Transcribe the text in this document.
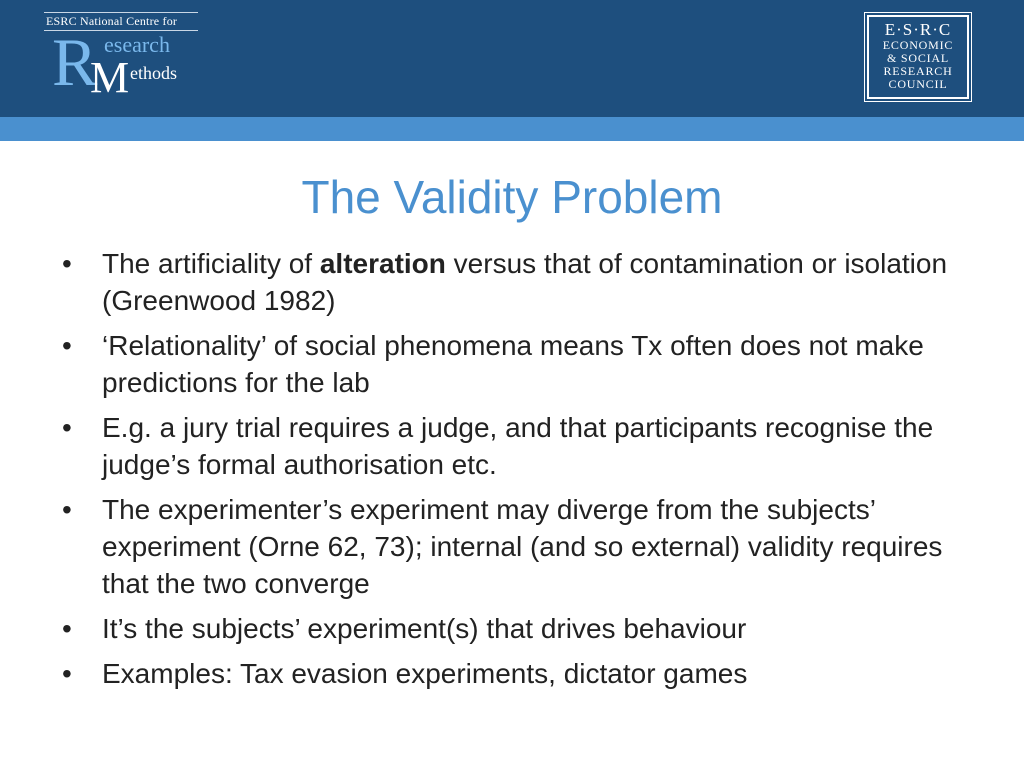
ESRC National Centre for
R
M
esearch
ethods
E·S·R·C
ECONOMIC
& SOCIAL
RESEARCH
COUNCIL
The Validity Problem
• The artificiality of alteration versus that of contamination or isolation (Greenwood 1982)
• ‘Relationality’ of social phenomena means Tx often does not make predictions for the lab
• E.g. a jury trial requires a judge, and that participants recognise the judge’s formal authorisation etc.
• The experimenter’s experiment may diverge from the subjects’ experiment (Orne 62, 73); internal (and so external) validity requires that the two converge
• It’s the subjects’ experiment(s) that drives behaviour
• Examples: Tax evasion experiments, dictator games
